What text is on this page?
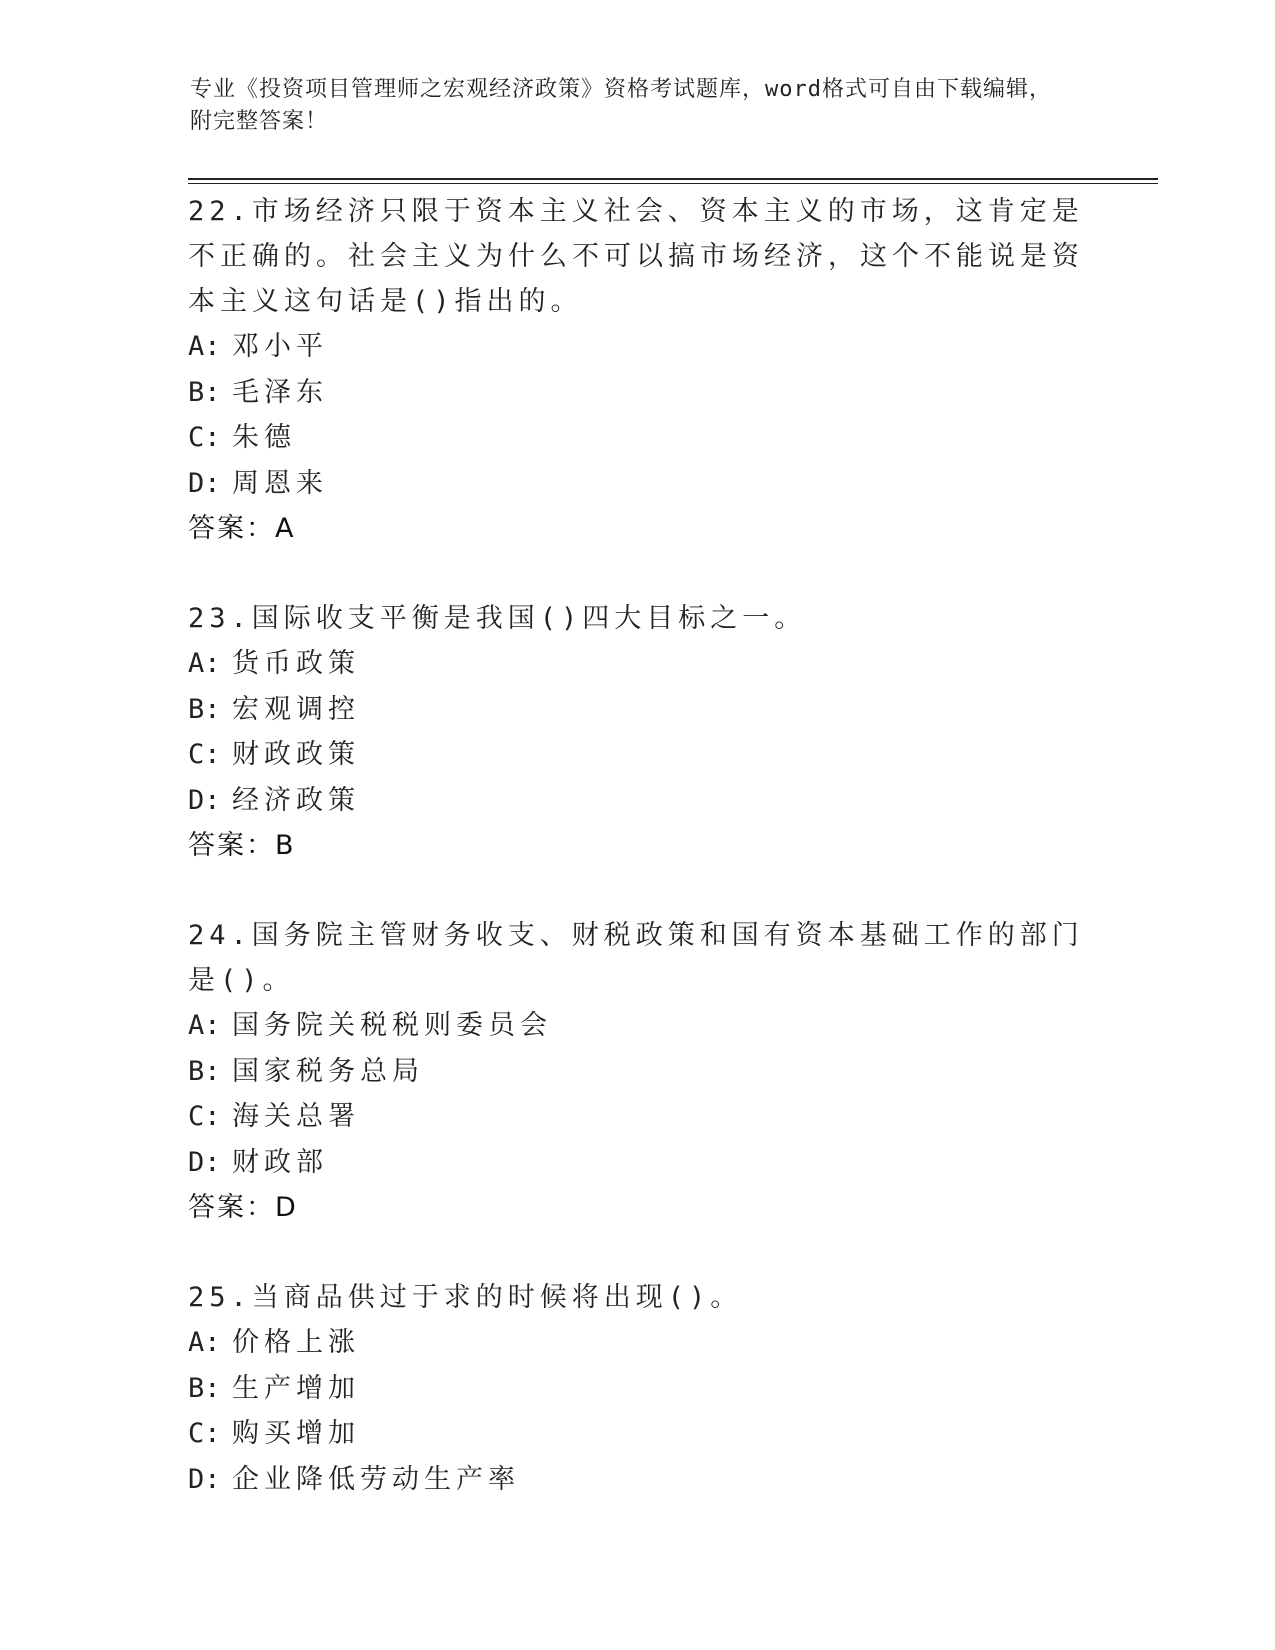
专业《投资项目管理师之宏观经济政策》资格考试题库，word格式可自由下载编辑，附完整答案！
22.市场经济只限于资本主义社会、资本主义的市场，这肯定是不正确的。社会主义为什么不可以搞市场经济，这个不能说是资本主义这句话是()指出的。
A: 邓小平
B: 毛泽东
C: 朱德
D: 周恩来
答案：A
23.国际收支平衡是我国()四大目标之一。
A: 货币政策
B: 宏观调控
C: 财政政策
D: 经济政策
答案：B
24.国务院主管财务收支、财税政策和国有资本基础工作的部门是()。
A: 国务院关税税则委员会
B: 国家税务总局
C: 海关总署
D: 财政部
答案：D
25.当商品供过于求的时候将出现()。
A: 价格上涨
B: 生产增加
C: 购买增加
D: 企业降低劳动生产率
